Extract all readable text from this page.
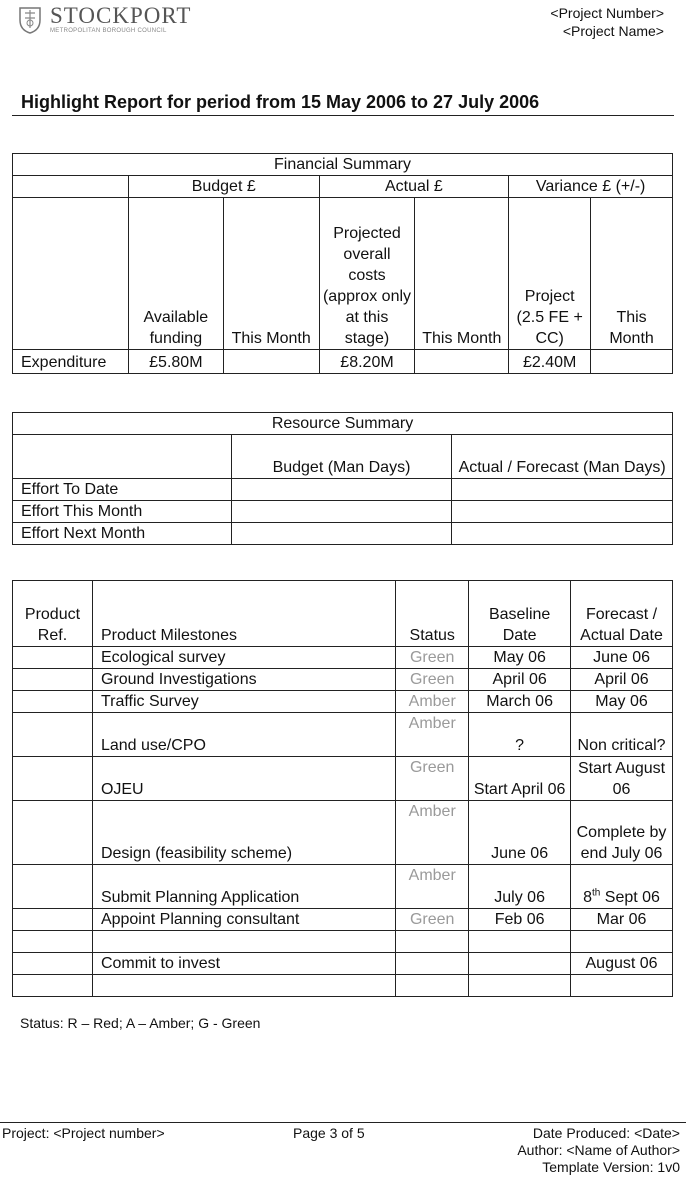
STOCKPORT
METROPOLITAN BOROUGH COUNCIL
<Project Number>
<Project Name>
Highlight Report for period from 15 May 2006 to 27 July 2006
Financial Summary						
	Budget £		Actual £		Variance £ (+/-)	
	Available funding	This Month	Projected overall costs (approx only at this stage)	This Month	Project (2.5 FE + CC)	This Month
Expenditure	£5.80M		£8.20M		£2.40M	
Resource Summary		
	Budget (Man Days)	Actual / Forecast (Man Days)
Effort To Date		
Effort This Month		
Effort Next Month		
Product Ref.	Product Milestones	Status	Baseline Date	Forecast / Actual Date
	Ecological survey	Green	May 06	June 06
	Ground Investigations	Green	April 06	April 06
	Traffic Survey	Amber	March 06	May 06
	Land use/CPO	Amber	?	Non critical?
	OJEU	Green	Start April 06	Start August 06
	Design (feasibility scheme)	Amber	June 06	Complete by end July 06
	Submit Planning Application	Amber	July 06	8th Sept 06
	Appoint Planning consultant	Green	Feb 06	Mar 06

	Commit to invest			August 06

Status: R – Red; A – Amber; G - Green
Project: <Project number>	Page 3 of 5	Date Produced: <Date>
Author: <Name of Author>
Template Version: 1v0
